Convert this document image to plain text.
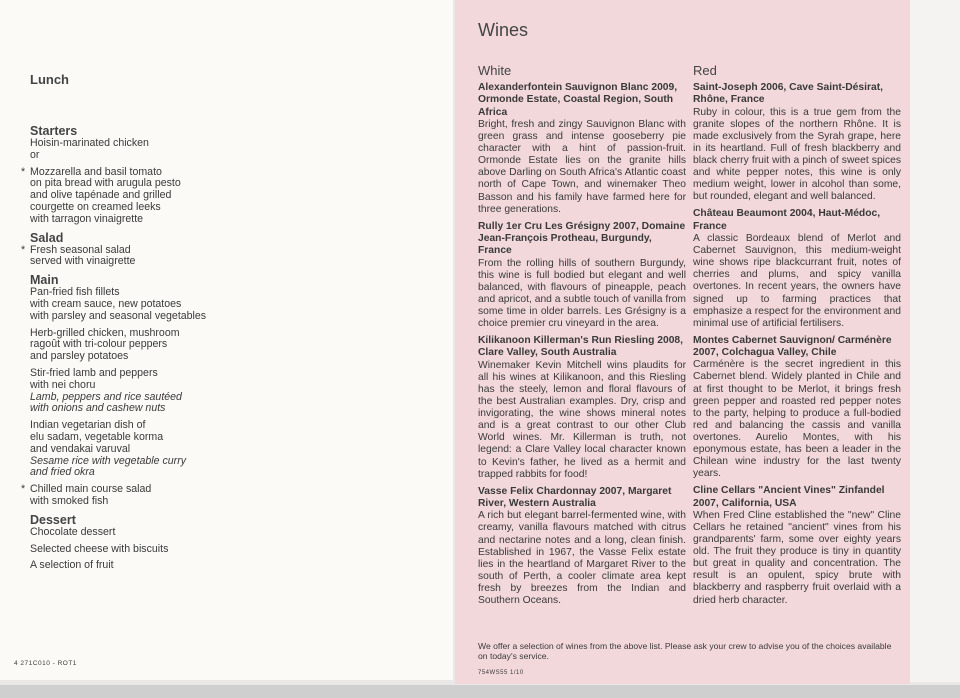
Lunch
Starters
Hoisin-marinated chicken
or
* Mozzarella and basil tomato
on pita bread with arugula pesto
and olive tapénade and grilled
courgette on creamed leeks
with tarragon vinaigrette
Salad
* Fresh seasonal salad
served with vinaigrette
Main
Pan-fried fish fillets
with cream sauce, new potatoes
with parsley and seasonal vegetables
Herb-grilled chicken, mushroom
ragoût with tri-colour peppers
and parsley potatoes
Stir-fried lamb and peppers
with nei choru
Lamb, peppers and rice sautéed
with onions and cashew nuts
Indian vegetarian dish of
elu sadam, vegetable korma
and vendakai varuval
Sesame rice with vegetable curry
and fried okra
* Chilled main course salad
with smoked fish
Dessert
Chocolate dessert
Selected cheese with biscuits
A selection of fruit
4 271C010 - ROT1
Wines
White
Alexanderfontein Sauvignon Blanc 2009, Ormonde Estate, Coastal Region, South Africa
Bright, fresh and zingy Sauvignon Blanc with green grass and intense gooseberry pie character with a hint of passion-fruit. Ormonde Estate lies on the granite hills above Darling on South Africa's Atlantic coast north of Cape Town, and winemaker Theo Basson and his family have farmed here for three generations.
Rully 1er Cru Les Grésigny 2007, Domaine Jean-François Protheau, Burgundy, France
From the rolling hills of southern Burgundy, this wine is full bodied but elegant and well balanced, with flavours of pineapple, peach and apricot, and a subtle touch of vanilla from some time in older barrels. Les Grésigny is a choice premier cru vineyard in the area.
Kilikanoon Killerman's Run Riesling 2008, Clare Valley, South Australia
Winemaker Kevin Mitchell wins plaudits for all his wines at Kilikanoon, and this Riesling has the steely, lemon and floral flavours of the best Australian examples. Dry, crisp and invigorating, the wine shows mineral notes and is a great contrast to our other Club World wines. Mr. Killerman is truth, not legend: a Clare Valley local character known to Kevin's father, he lived as a hermit and trapped rabbits for food!
Vasse Felix Chardonnay 2007, Margaret River, Western Australia
A rich but elegant barrel-fermented wine, with creamy, vanilla flavours matched with citrus and nectarine notes and a long, clean finish. Established in 1967, the Vasse Felix estate lies in the heartland of Margaret River to the south of Perth, a cooler climate area kept fresh by breezes from the Indian and Southern Oceans.
Red
Saint-Joseph 2006, Cave Saint-Désirat, Rhône, France
Ruby in colour, this is a true gem from the granite slopes of the northern Rhône. It is made exclusively from the Syrah grape, here in its heartland. Full of fresh blackberry and black cherry fruit with a pinch of sweet spices and white pepper notes, this wine is only medium weight, lower in alcohol than some, but rounded, elegant and well balanced.
Château Beaumont 2004, Haut-Médoc, France
A classic Bordeaux blend of Merlot and Cabernet Sauvignon, this medium-weight wine shows ripe blackcurrant fruit, notes of cherries and plums, and spicy vanilla overtones. In recent years, the owners have signed up to farming practices that emphasize a respect for the environment and minimal use of artificial fertilisers.
Montes Cabernet Sauvignon/ Carménère 2007, Colchagua Valley, Chile
Carménère is the secret ingredient in this Cabernet blend. Widely planted in Chile and at first thought to be Merlot, it brings fresh green pepper and roasted red pepper notes to the party, helping to produce a full-bodied red and balancing the cassis and vanilla overtones. Aurelio Montes, with his eponymous estate, has been a leader in the Chilean wine industry for the last twenty years.
Cline Cellars "Ancient Vines" Zinfandel 2007, California, USA
When Fred Cline established the "new" Cline Cellars he retained "ancient" vines from his grandparents' farm, some over eighty years old. The fruit they produce is tiny in quantity but great in quality and concentration. The result is an opulent, spicy brute with blackberry and raspberry fruit overlaid with a dried herb character.
We offer a selection of wines from the above list. Please ask your crew to advise you of the choices available on today's service.
754WS55 1/10
